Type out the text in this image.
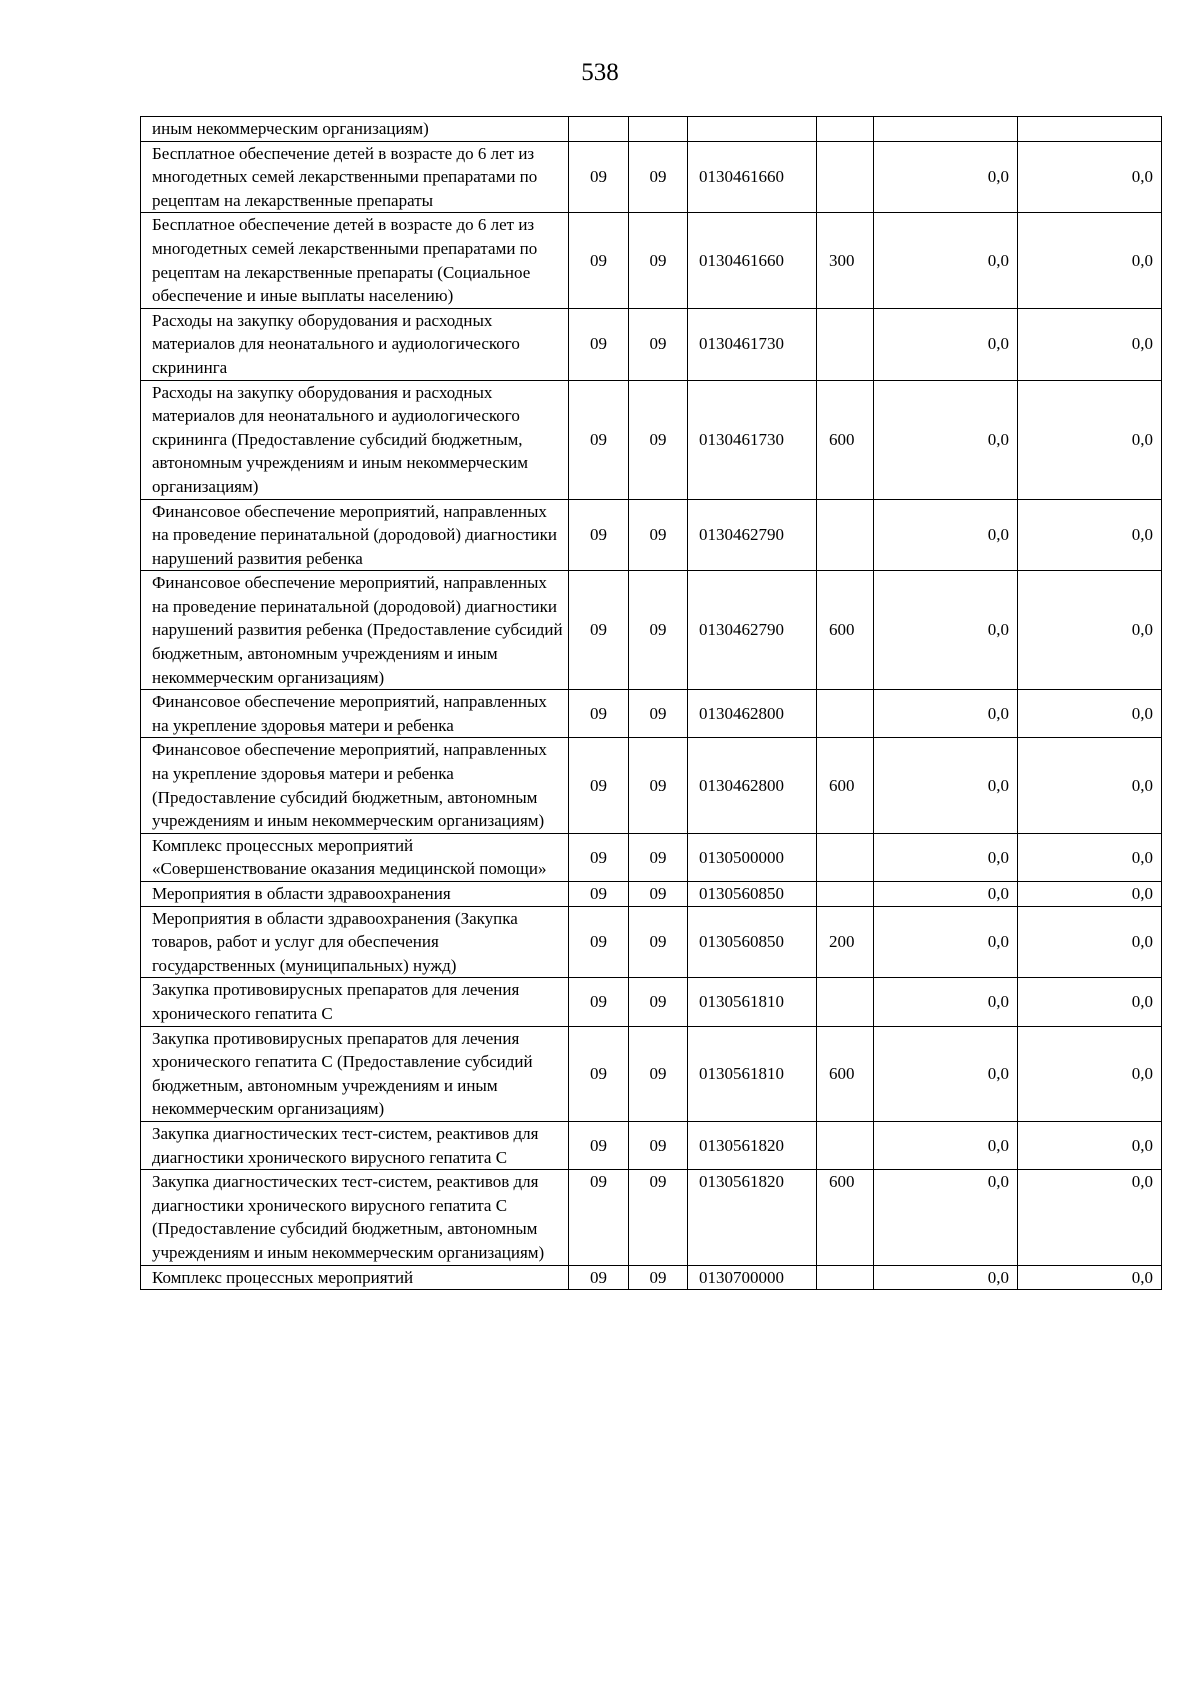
538
иным некоммерческим организациям)						
Бесплатное обеспечение детей в возрасте до 6 лет из многодетных семей лекарственными препаратами по рецептам на лекарственные препараты	09	09	0130461660		0,0	0,0
Бесплатное обеспечение детей в возрасте до 6 лет из многодетных семей лекарственными препаратами по рецептам на лекарственные препараты (Социальное обеспечение и иные выплаты населению)	09	09	0130461660	300	0,0	0,0
Расходы на закупку оборудования и расходных материалов для неонатального и аудиологического скрининга	09	09	0130461730		0,0	0,0
Расходы на закупку оборудования и расходных материалов для неонатального и аудиологического скрининга (Предоставление субсидий бюджетным, автономным учреждениям и иным некоммерческим организациям)	09	09	0130461730	600	0,0	0,0
Финансовое обеспечение мероприятий, направленных на проведение перинатальной (дородовой) диагностики нарушений развития ребенка	09	09	0130462790		0,0	0,0
Финансовое обеспечение мероприятий, направленных на проведение перинатальной (дородовой) диагностики нарушений развития ребенка (Предоставление субсидий бюджетным, автономным учреждениям и иным некоммерческим организациям)	09	09	0130462790	600	0,0	0,0
Финансовое обеспечение мероприятий, направленных на укрепление здоровья матери и ребенка	09	09	0130462800		0,0	0,0
Финансовое обеспечение мероприятий, направленных на укрепление здоровья матери и ребенка (Предоставление субсидий бюджетным, автономным учреждениям и иным некоммерческим организациям)	09	09	0130462800	600	0,0	0,0
Комплекс процессных мероприятий «Совершенствование оказания медицинской помощи»	09	09	0130500000		0,0	0,0
Мероприятия в области здравоохранения	09	09	0130560850		0,0	0,0
Мероприятия в области здравоохранения (Закупка товаров, работ и услуг для обеспечения государственных (муниципальных) нужд)	09	09	0130560850	200	0,0	0,0
Закупка противовирусных препаратов для лечения хронического гепатита С	09	09	0130561810		0,0	0,0
Закупка противовирусных препаратов для лечения хронического гепатита С (Предоставление субсидий бюджетным, автономным учреждениям и иным некоммерческим организациям)	09	09	0130561810	600	0,0	0,0
Закупка диагностических тест-систем, реактивов для диагностики хронического вирусного гепатита С	09	09	0130561820		0,0	0,0
Закупка диагностических тест-систем, реактивов для диагностики хронического вирусного гепатита С (Предоставление субсидий бюджетным, автономным учреждениям и иным некоммерческим организациям)	09	09	0130561820	600	0,0	0,0
Комплекс процессных мероприятий	09	09	0130700000		0,0	0,0
